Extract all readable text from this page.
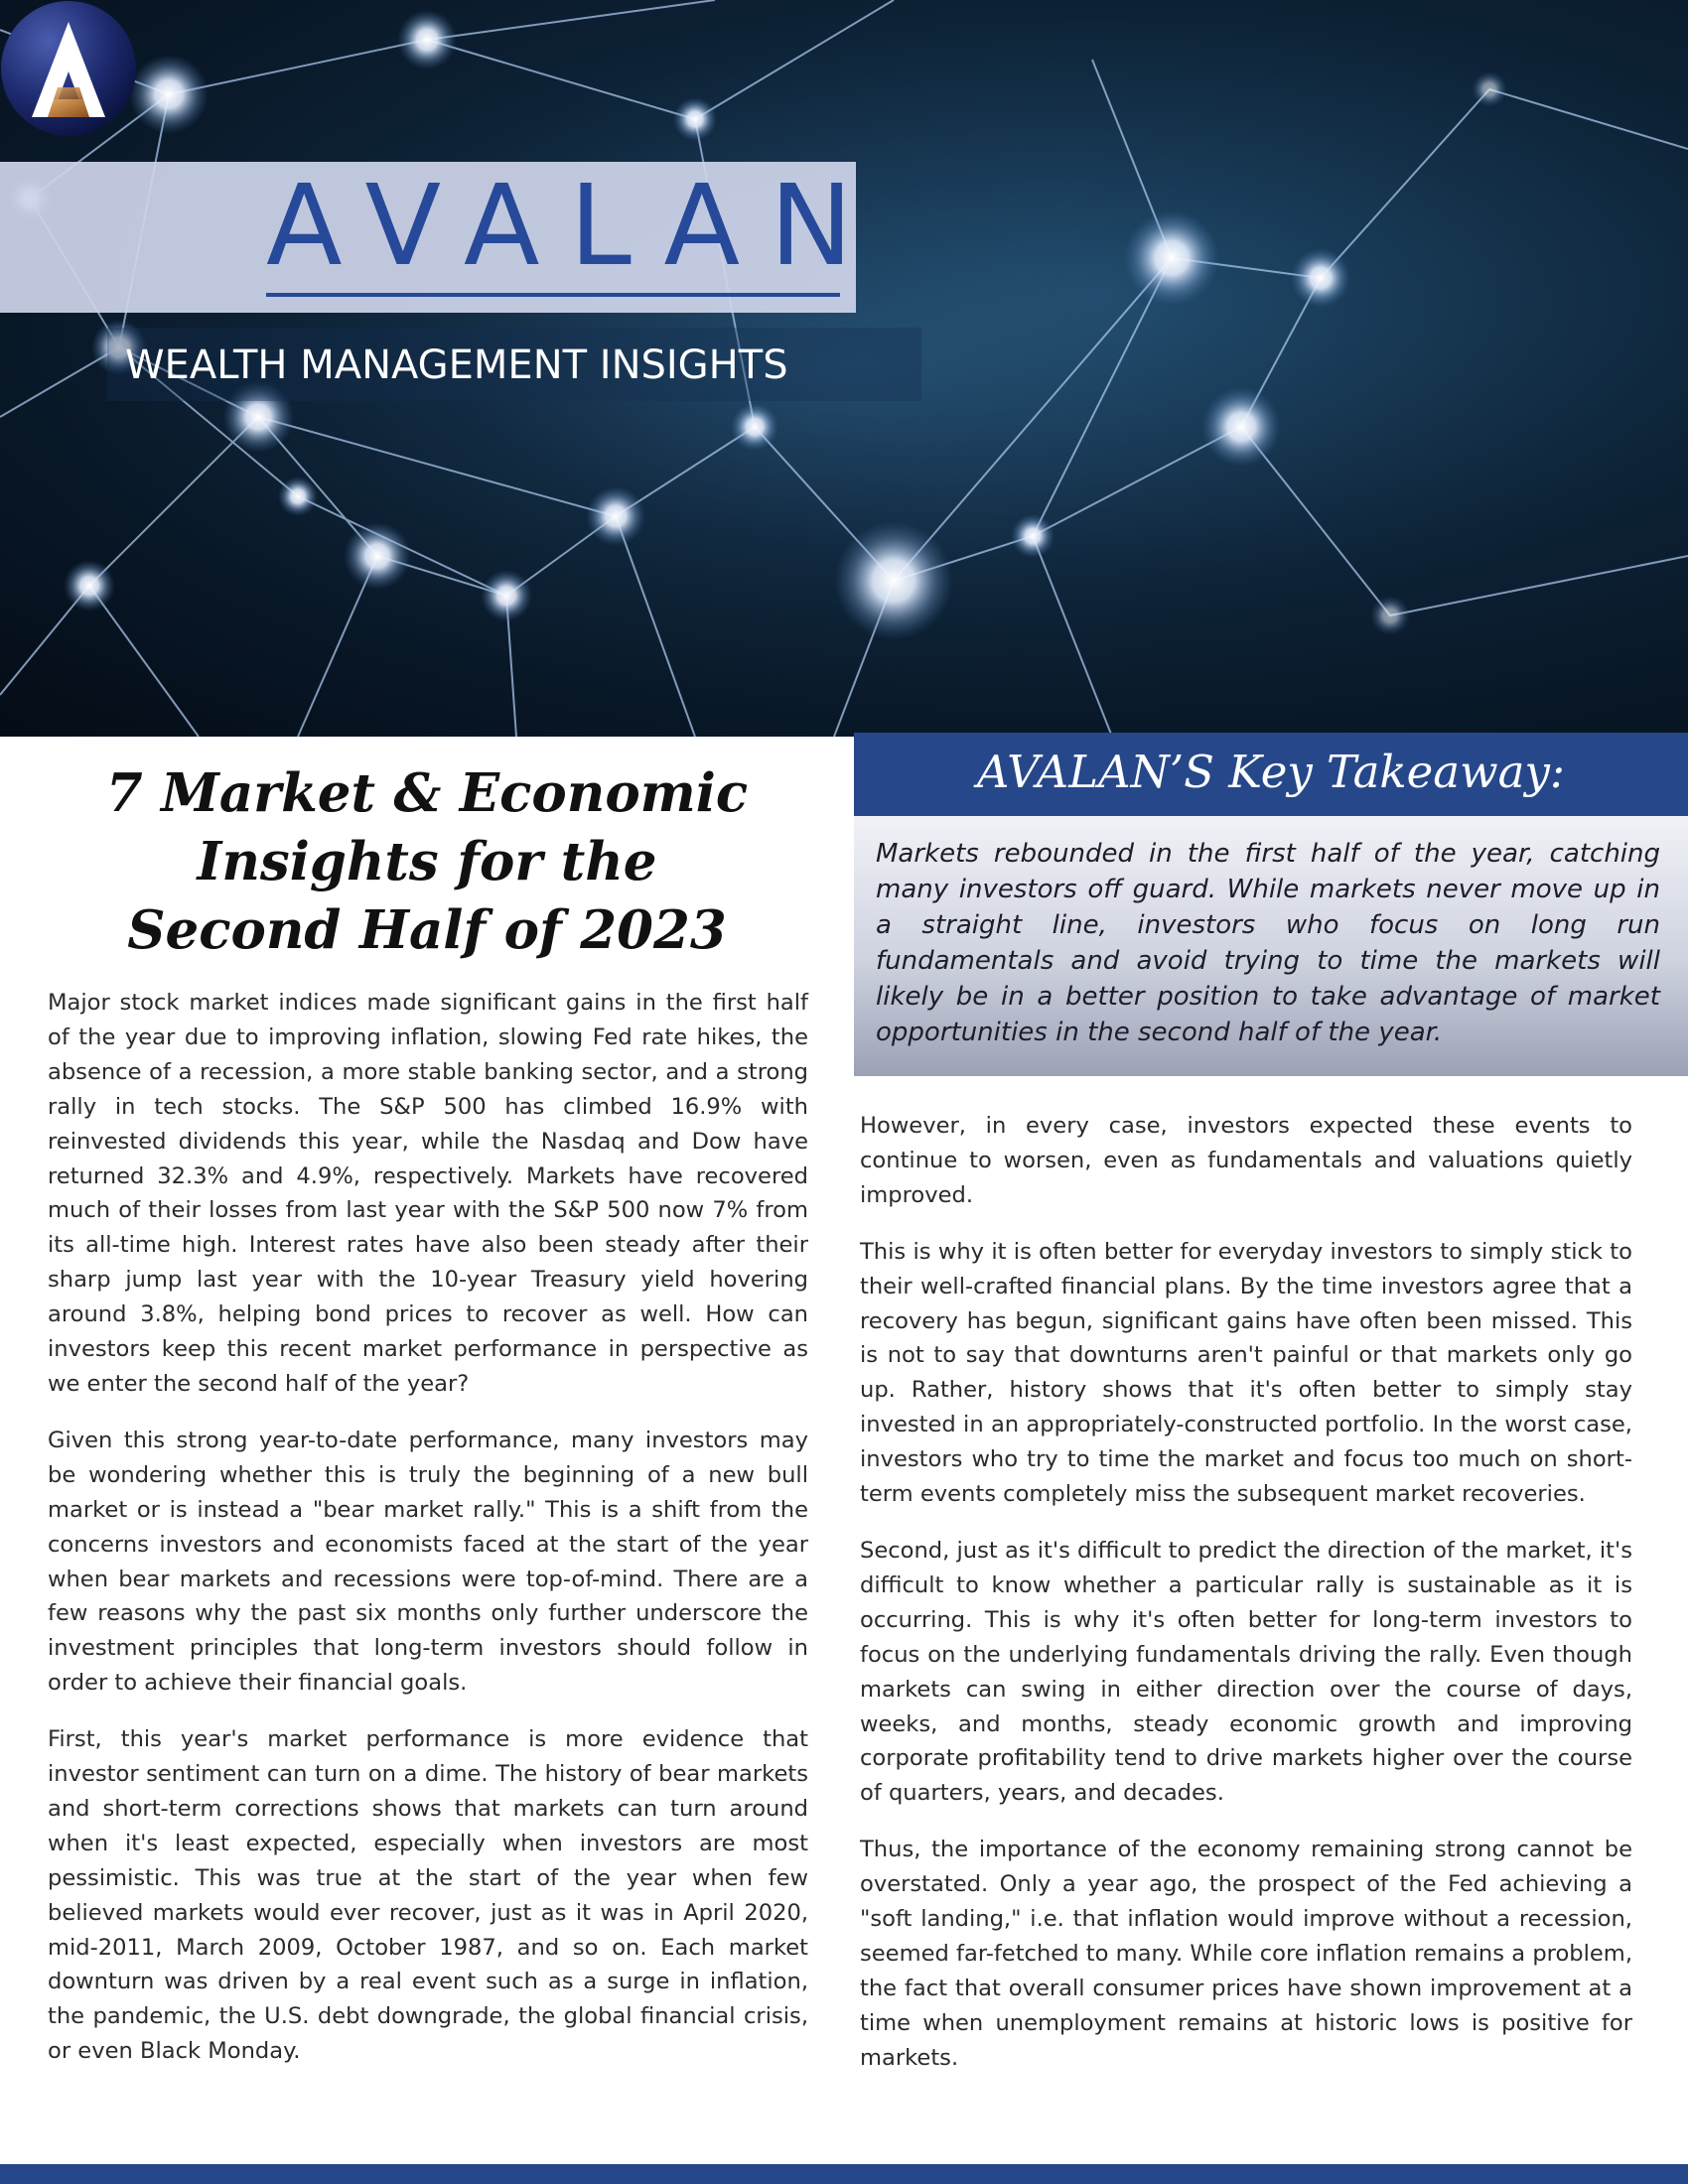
AVALAN
WEALTH MANAGEMENT INSIGHTS
7 Market & Economic
Insights for the
Second Half of 2023

Major stock market indices made significant gains in the first half of the year due to improving inflation, slowing Fed rate hikes, the absence of a recession, a more stable banking sector, and a strong rally in tech stocks. The S&P 500 has climbed 16.9% with reinvested dividends this year, while the Nasdaq and Dow have returned 32.3% and 4.9%, respectively. Markets have recovered much of their losses from last year with the S&P 500 now 7% from its all-time high. Interest rates have also been steady after their sharp jump last year with the 10-year Treasury yield hovering around 3.8%, helping bond prices to recover as well. How can investors keep this recent market performance in perspective as we enter the second half of the year?

Given this strong year-to-date performance, many investors may be wondering whether this is truly the beginning of a new bull market or is instead a "bear market rally." This is a shift from the concerns investors and economists faced at the start of the year when bear markets and recessions were top-of-mind. There are a few reasons why the past six months only further underscore the investment principles that long-term investors should follow in order to achieve their financial goals.

First, this year's market performance is more evidence that investor sentiment can turn on a dime. The history of bear markets and short-term corrections shows that markets can turn around when it's least expected, especially when investors are most pessimistic. This was true at the start of the year when few believed markets would ever recover, just as it was in April 2020, mid-2011, March 2009, October 1987, and so on. Each market downturn was driven by a real event such as a surge in inflation, the pandemic, the U.S. debt downgrade, the global financial crisis, or even Black Monday.

AVALAN’S Key Takeaway:
Markets rebounded in the first half of the year, catching many investors off guard. While markets never move up in a straight line, investors who focus on long run fundamentals and avoid trying to time the markets will likely be in a better position to take advantage of market opportunities in the second half of the year.

However, in every case, investors expected these events to continue to worsen, even as fundamentals and valuations quietly improved.

This is why it is often better for everyday investors to simply stick to their well-crafted financial plans. By the time investors agree that a recovery has begun, significant gains have often been missed. This is not to say that downturns aren't painful or that markets only go up. Rather, history shows that it's often better to simply stay invested in an appropriately-constructed portfolio. In the worst case, investors who try to time the market and focus too much on short-term events completely miss the subsequent market recoveries.

Second, just as it's difficult to predict the direction of the market, it's difficult to know whether a particular rally is sustainable as it is occurring. This is why it's often better for long-term investors to focus on the underlying fundamentals driving the rally. Even though markets can swing in either direction over the course of days, weeks, and months, steady economic growth and improving corporate profitability tend to drive markets higher over the course of quarters, years, and decades.

Thus, the importance of the economy remaining strong cannot be overstated. Only a year ago, the prospect of the Fed achieving a "soft landing," i.e. that inflation would improve without a recession, seemed far-fetched to many. While core inflation remains a problem, the fact that overall consumer prices have shown improvement at a time when unemployment remains at historic lows is positive for markets.
